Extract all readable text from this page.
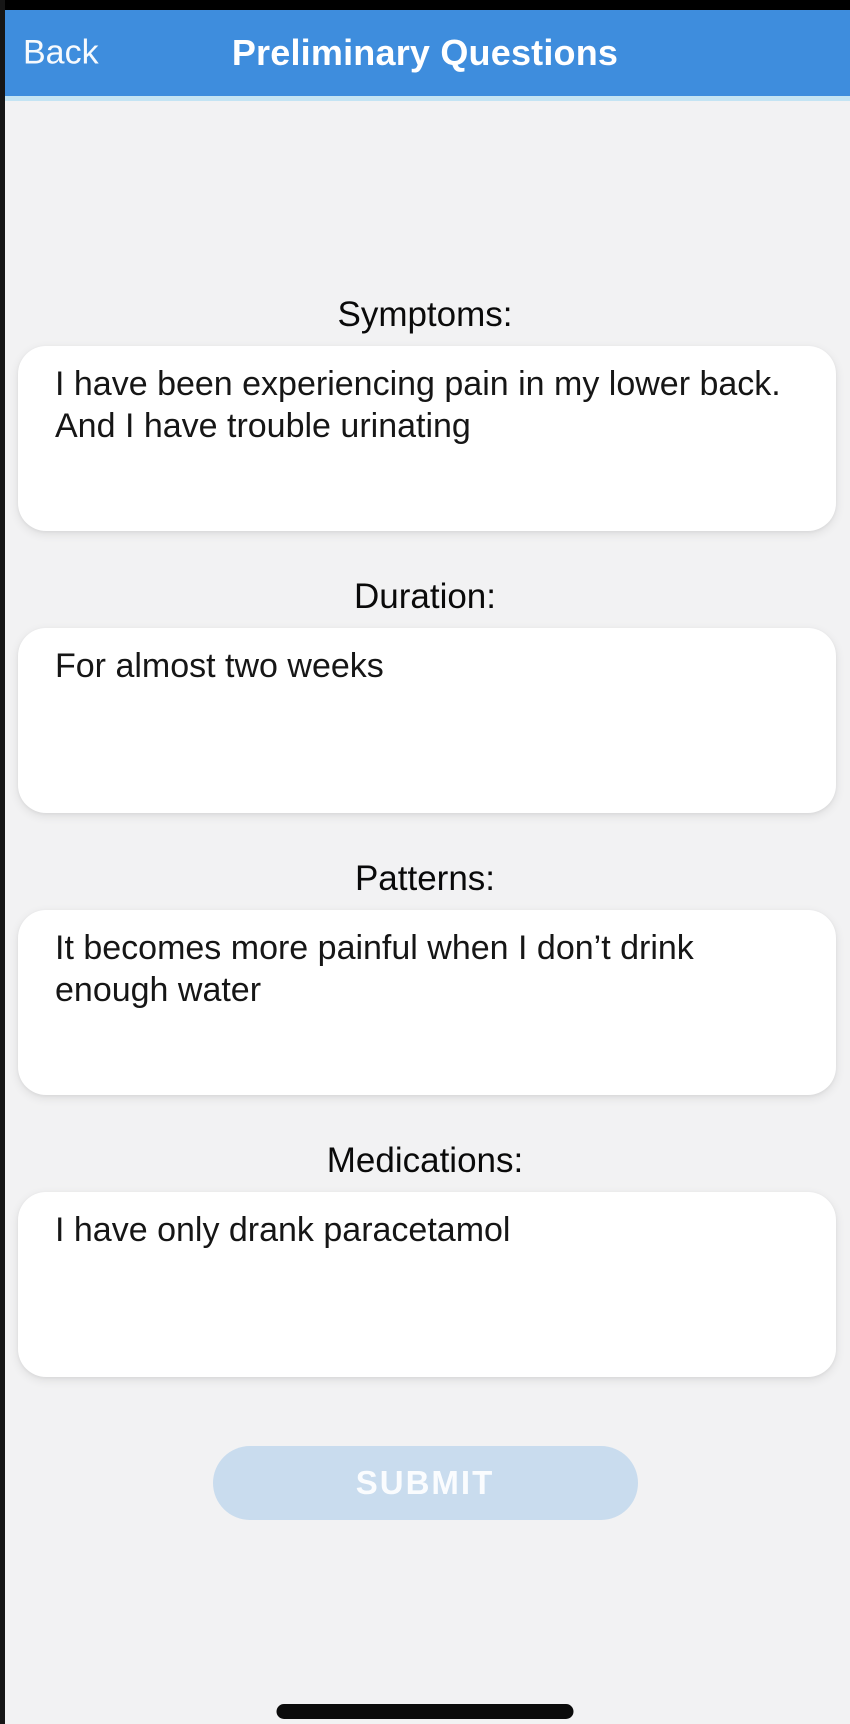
Back	Preliminary Questions
Symptoms:
I have been experiencing pain in my lower back. And I have trouble urinating
Duration:
For almost two weeks
Patterns:
It becomes more painful when I don’t drink enough water
Medications:
I have only drank paracetamol
SUBMIT
